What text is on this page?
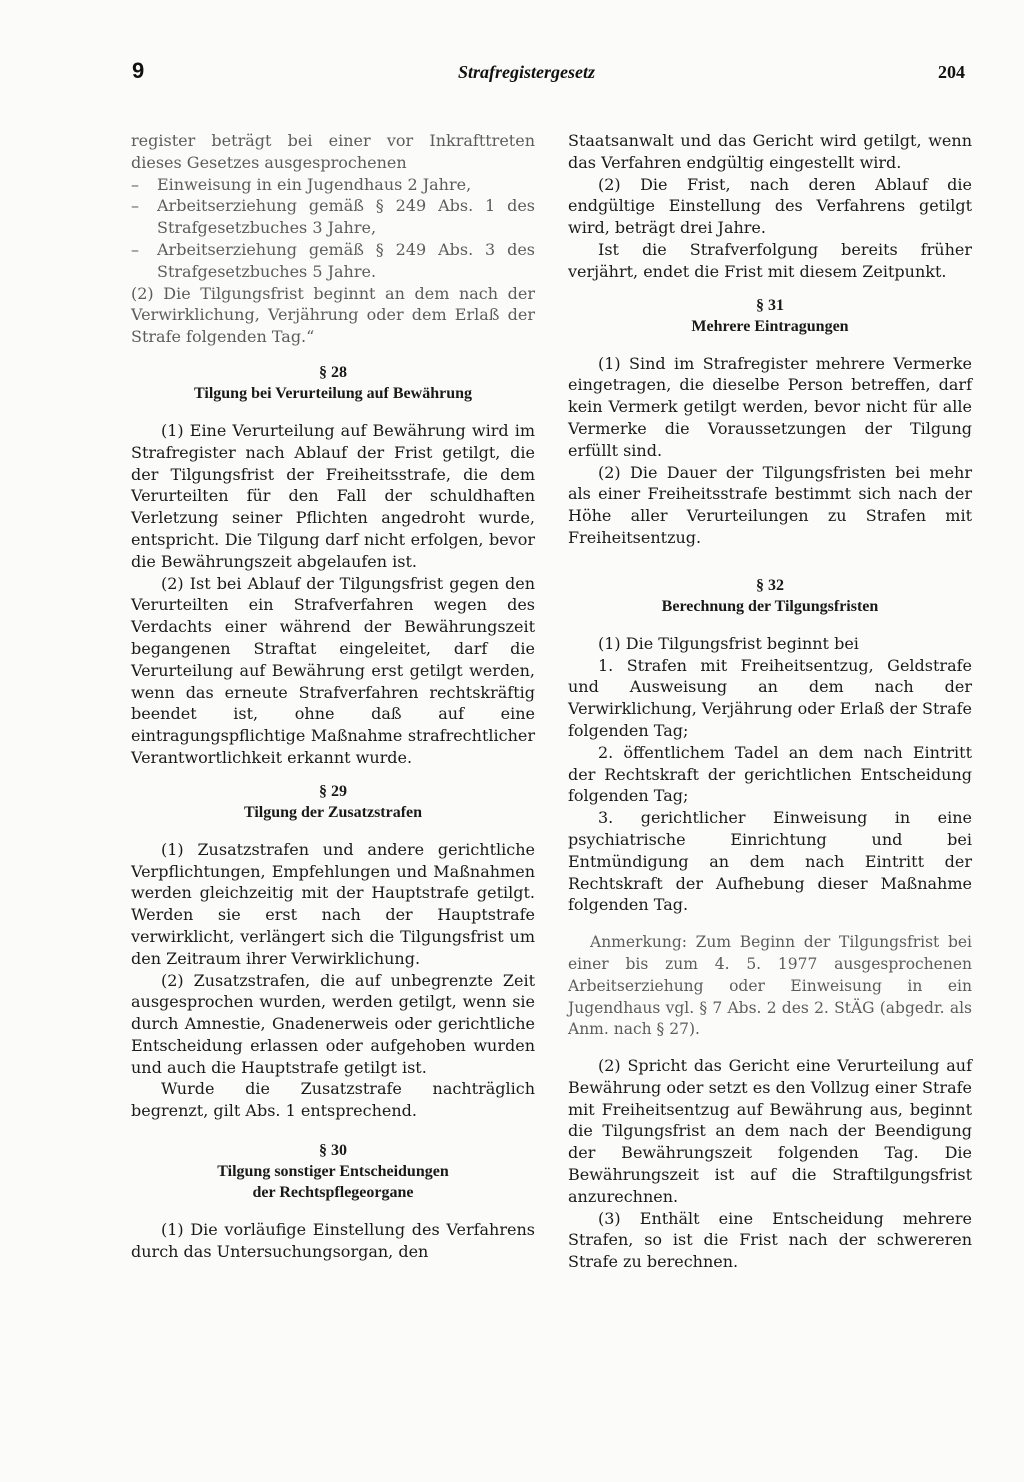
9	Strafregistergesetz	204

register beträgt bei einer vor Inkrafttreten dieses Gesetzes ausgesprochenen

– Einweisung in ein Jugendhaus 2 Jahre,

– Arbeitserziehung gemäß § 249 Abs. 1 des Strafgesetzbuches 3 Jahre,

– Arbeitserziehung gemäß § 249 Abs. 3 des Strafgesetzbuches 5 Jahre.

(2) Die Tilgungsfrist beginnt an dem nach der Verwirklichung, Verjährung oder dem Erlaß der Strafe folgenden Tag.“

§ 28

Tilgung bei Verurteilung auf Bewährung

(1) Eine Verurteilung auf Bewährung wird im Strafregister nach Ablauf der Frist getilgt, die der Tilgungsfrist der Freiheitsstrafe, die dem Verurteilten für den Fall der schuldhaften Verletzung seiner Pflichten angedroht wurde, entspricht. Die Tilgung darf nicht erfolgen, bevor die Bewährungszeit abgelaufen ist.

(2) Ist bei Ablauf der Tilgungsfrist gegen den Verurteilten ein Strafverfahren wegen des Verdachts einer während der Bewährungszeit begangenen Straftat eingeleitet, darf die Verurteilung auf Bewährung erst getilgt werden, wenn das erneute Strafverfahren rechtskräftig beendet ist, ohne daß auf eine eintragungspflichtige Maßnahme strafrechtlicher Verantwortlichkeit erkannt wurde.

§ 29

Tilgung der Zusatzstrafen

(1) Zusatzstrafen und andere gerichtliche Verpflichtungen, Empfehlungen und Maßnahmen werden gleichzeitig mit der Hauptstrafe getilgt. Werden sie erst nach der Hauptstrafe verwirklicht, verlängert sich die Tilgungsfrist um den Zeitraum ihrer Verwirklichung.

(2) Zusatzstrafen, die auf unbegrenzte Zeit ausgesprochen wurden, werden getilgt, wenn sie durch Amnestie, Gnadenerweis oder gerichtliche Entscheidung erlassen oder aufgehoben wurden und auch die Hauptstrafe getilgt ist.

Wurde die Zusatzstrafe nachträglich begrenzt, gilt Abs. 1 entsprechend.

§ 30

Tilgung sonstiger Entscheidungen

der Rechtspflegeorgane

(1) Die vorläufige Einstellung des Verfahrens durch das Untersuchungsorgan, den

Staatsanwalt und das Gericht wird getilgt, wenn das Verfahren endgültig eingestellt wird.

(2) Die Frist, nach deren Ablauf die endgültige Einstellung des Verfahrens getilgt wird, beträgt drei Jahre.

Ist die Strafverfolgung bereits früher verjährt, endet die Frist mit diesem Zeitpunkt.

§ 31

Mehrere Eintragungen

(1) Sind im Strafregister mehrere Vermerke eingetragen, die dieselbe Person betreffen, darf kein Vermerk getilgt werden, bevor nicht für alle Vermerke die Voraussetzungen der Tilgung erfüllt sind.

(2) Die Dauer der Tilgungsfristen bei mehr als einer Freiheitsstrafe bestimmt sich nach der Höhe aller Verurteilungen zu Strafen mit Freiheitsentzug.

§ 32

Berechnung der Tilgungsfristen

(1) Die Tilgungsfrist beginnt bei

1. Strafen mit Freiheitsentzug, Geldstrafe und Ausweisung an dem nach der Verwirklichung, Verjährung oder Erlaß der Strafe folgenden Tag;

2. öffentlichem Tadel an dem nach Eintritt der Rechtskraft der gerichtlichen Entscheidung folgenden Tag;

3. gerichtlicher Einweisung in eine psychiatrische Einrichtung und bei Entmündigung an dem nach Eintritt der Rechtskraft der Aufhebung dieser Maßnahme folgenden Tag.

Anmerkung: Zum Beginn der Tilgungsfrist bei einer bis zum 4. 5. 1977 ausgesprochenen Arbeitserziehung oder Einweisung in ein Jugendhaus vgl. § 7 Abs. 2 des 2. StÄG (abgedr. als Anm. nach § 27).

(2) Spricht das Gericht eine Verurteilung auf Bewährung oder setzt es den Vollzug einer Strafe mit Freiheitsentzug auf Bewährung aus, beginnt die Tilgungsfrist an dem nach der Beendigung der Bewährungszeit folgenden Tag. Die Bewährungszeit ist auf die Straftilgungsfrist anzurechnen.

(3) Enthält eine Entscheidung mehrere Strafen, so ist die Frist nach der schwereren Strafe zu berechnen.
